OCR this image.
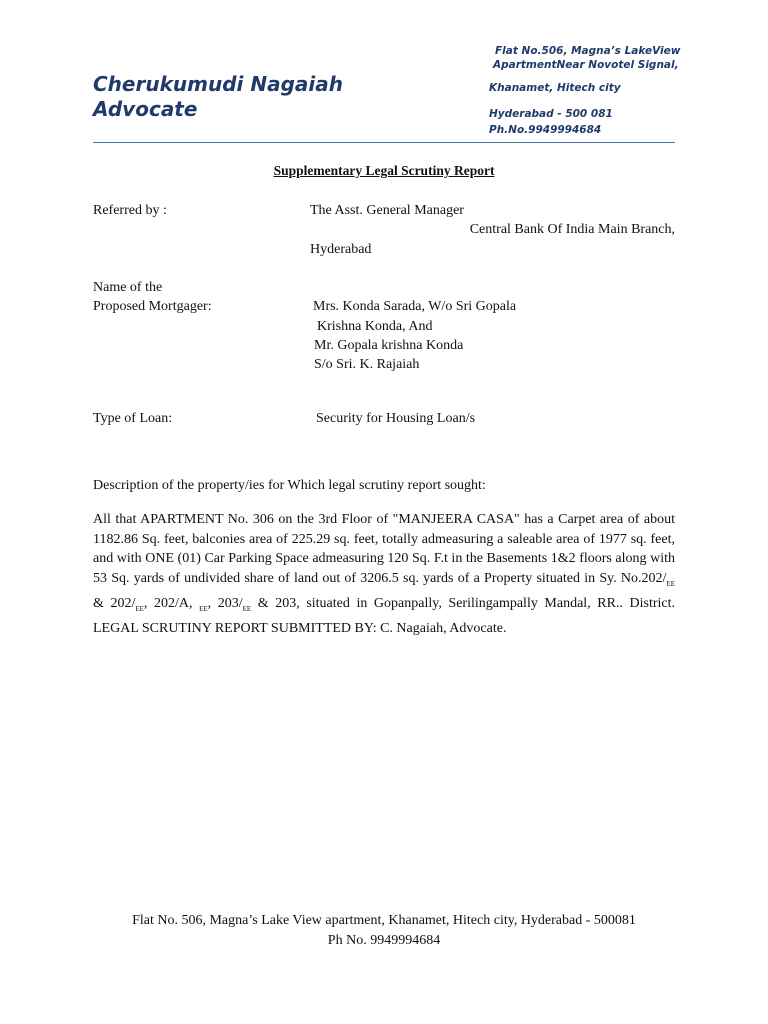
Cherukumudi Nagaiah
Advocate
Flat No.506, Magna’s LakeView
ApartmentNear Novotel Signal,
Khanamet, Hitech city
Hyderabad - 500 081
Ph.No.9949994684
Supplementary Legal Scrutiny Report
Referred by :	The Asst. General Manager
Central Bank Of India Main Branch,
Hyderabad
Name of the
Proposed Mortgager:	Mrs. Konda Sarada, W/o Sri Gopala
Krishna Konda, And
Mr. Gopala krishna Konda
S/o Sri. K. Rajaiah
Type of Loan:	Security for Housing Loan/s
Description of the property/ies for Which legal scrutiny report sought:
All that APARTMENT No. 306 on the 3rd Floor of "MANJEERA CASA" has a Carpet area of about 1182.86 Sq. feet, balconies area of 225.29 sq. feet, totally admeasuring a saleable area of 1977 sq. feet, and with ONE (01) Car Parking Space admeasuring 120 Sq. F.t in the Basements 1&2 floors along with 53 Sq. yards of undivided share of land out of 3206.5 sq. yards of a Property situated in Sy. $No.202/_{EE}$ & $202/_{EE}$, 202/A, $_{EE}$, $203/_{EE}$ & 203, situated in Gopanpally, Serilingampally Mandal, RR.. District. LEGAL SCRUTINY REPORT SUBMITTED BY: C. Nagaiah, Advocate.
Flat No. 506, Magna’s Lake View apartment, Khanamet, Hitech city, Hyderabad - 500081
Ph No. 9949994684
